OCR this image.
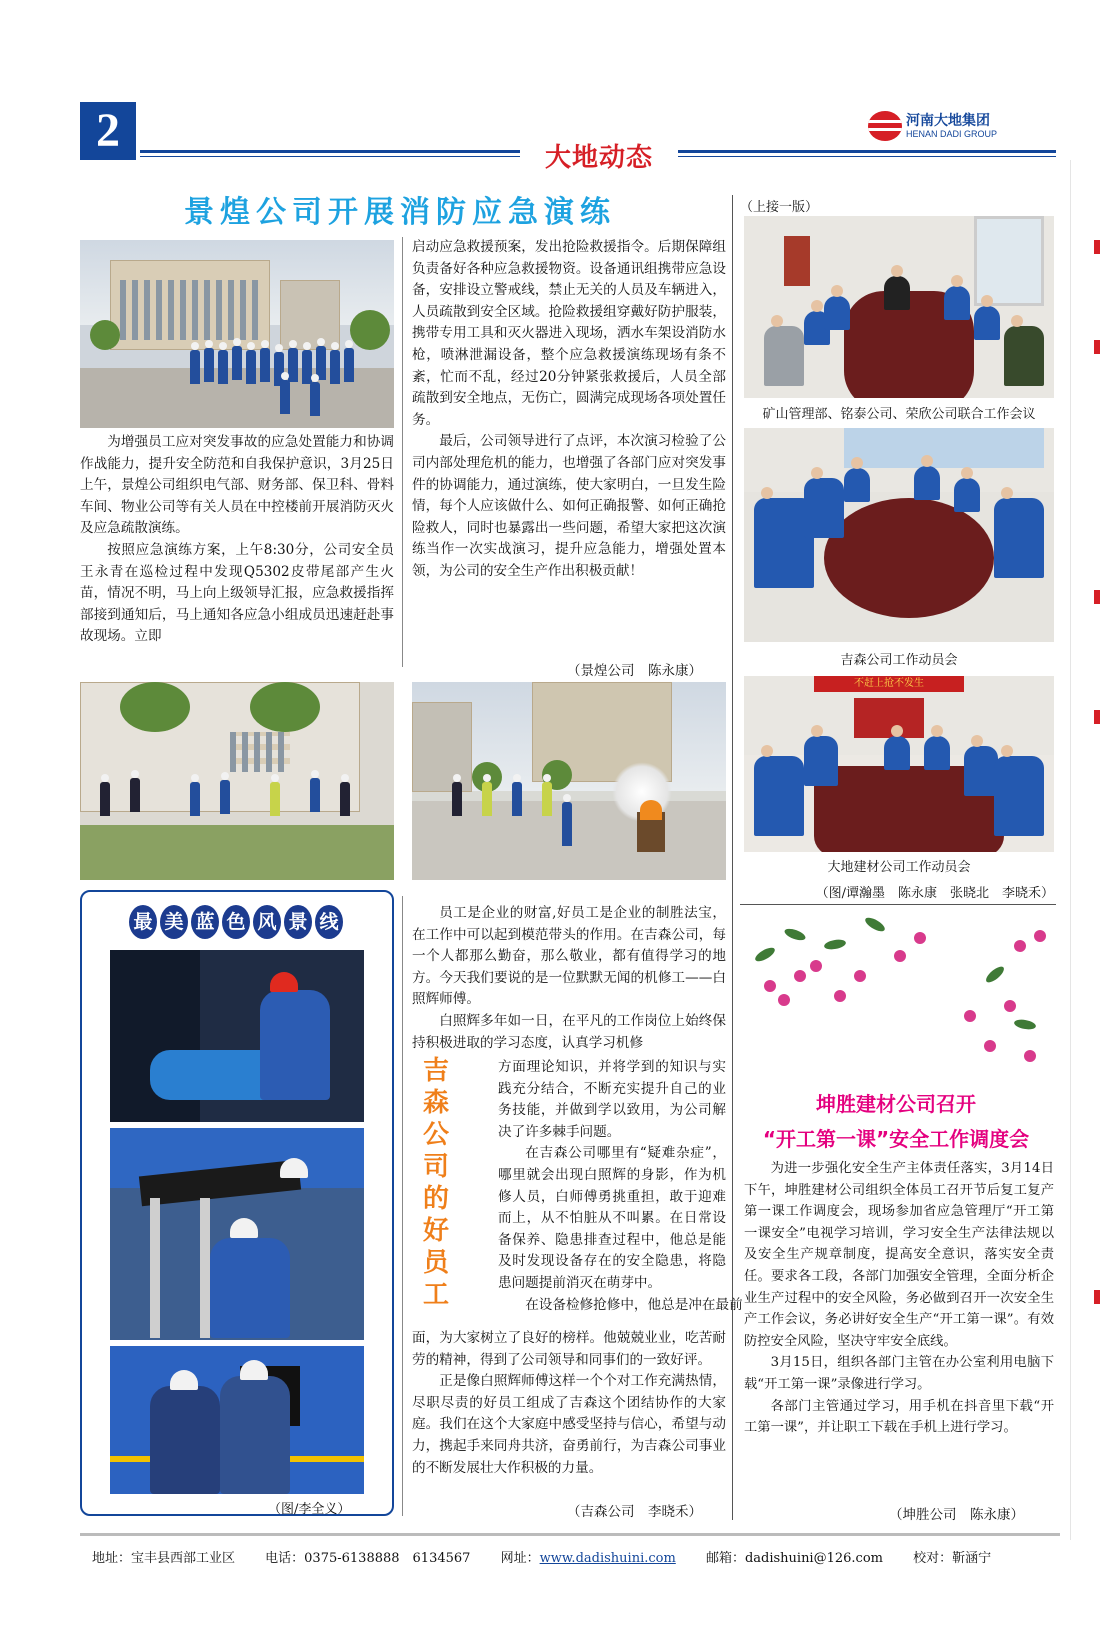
2
大地动态
河南大地集团
HENAN DADI GROUP
景煌公司开展消防应急演练

为增强员工应对突发事故的应急处置能力和协调作战能力，提升安全防范和自我保护意识，3月25日上午，景煌公司组织电气部、财务部、保卫科、骨料车间、物业公司等有关人员在中控楼前开展消防灭火及应急疏散演练。

按照应急演练方案，上午8:30分，公司安全员王永青在巡检过程中发现Q5302皮带尾部产生火苗，情况不明，马上向上级领导汇报，应急救援指挥部接到通知后，马上通知各应急小组成员迅速赶赴事故现场。立即

启动应急救援预案，发出抢险救援指令。后期保障组负责备好各种应急救援物资。设备通讯组携带应急设备，安排设立警戒线，禁止无关的人员及车辆进入，人员疏散到安全区域。抢险救援组穿戴好防护服装，携带专用工具和灭火器进入现场，洒水车架设消防水枪，喷淋泄漏设备，整个应急救援演练现场有条不紊，忙而不乱，经过20分钟紧张救援后，人员全部疏散到安全地点，无伤亡，圆满完成现场各项处置任务。

最后，公司领导进行了点评，本次演习检验了公司内部处理危机的能力，也增强了各部门应对突发事件的协调能力，通过演练，使大家明白，一旦发生险情，每个人应该做什么、如何正确报警、如何正确抢险救人，同时也暴露出一些问题，希望大家把这次演练当作一次实战演习，提升应急能力，增强处置本领，为公司的安全生产作出积极贡献！

（景煌公司　陈永康）
（上接一版）
矿山管理部、铭泰公司、荣欣公司联合工作会议
吉森公司工作动员会
不赶上抢不发生
大地建材公司工作动员会
（图/谭瀚墨　陈永康　张晓北　李晓禾）
坤胜建材公司召开
“开工第一课”安全工作调度会

为进一步强化安全生产主体责任落实，3月14日下午，坤胜建材公司组织全体员工召开节后复工复产第一课工作调度会，现场参加省应急管理厅“开工第一课安全”电视学习培训，学习安全生产法律法规以及安全生产规章制度，提高安全意识，落实安全责任。要求各工段，各部门加强安全管理，全面分析企业生产过程中的安全风险，务必做到召开一次安全生产工作会议，务必讲好安全生产“开工第一课”。有效防控安全风险，坚决守牢安全底线。

3月15日，组织各部门主管在办公室利用电脑下载“开工第一课”录像进行学习。

各部门主管通过学习，用手机在抖音里下载“开工第一课”，并让职工下载在手机上进行学习。

（坤胜公司　陈永康）
最 美 蓝 色 风 景 线
（图/李全义）

员工是企业的财富,好员工是企业的制胜法宝，在工作中可以起到模范带头的作用。在吉森公司，每一个人都那么勤奋，那么敬业，都有值得学习的地方。今天我们要说的是一位默默无闻的机修工——白照辉师傅。

白照辉多年如一日，在平凡的工作岗位上始终保持积极进取的学习态度，认真学习机修

吉森公司的好员工

方面理论知识，并将学到的知识与实践充分结合，不断充实提升自己的业务技能，并做到学以致用，为公司解决了许多棘手问题。

在吉森公司哪里有“疑难杂症”，哪里就会出现白照辉的身影，作为机修人员，白师傅勇挑重担，敢于迎难而上，从不怕脏从不叫累。在日常设备保养、隐患排查过程中，他总是能及时发现设备存在的安全隐患，将隐患问题提前消灭在萌芽中。

在设备检修抢修中，他总是冲在最前

面，为大家树立了良好的榜样。他兢兢业业，吃苦耐劳的精神，得到了公司领导和同事们的一致好评。

正是像白照辉师傅这样一个个对工作充满热情，尽职尽责的好员工组成了吉森这个团结协作的大家庭。我们在这个大家庭中感受坚持与信心，希望与动力，携起手来同舟共济，奋勇前行，为吉森公司事业的不断发展壮大作积极的力量。

（吉森公司　李晓禾）
地址：宝丰县西部工业区 电话：0375-6138888　6134567 网址：www.dadishuini.com 邮箱：dadishuini@126.com 校对：靳涵宁
